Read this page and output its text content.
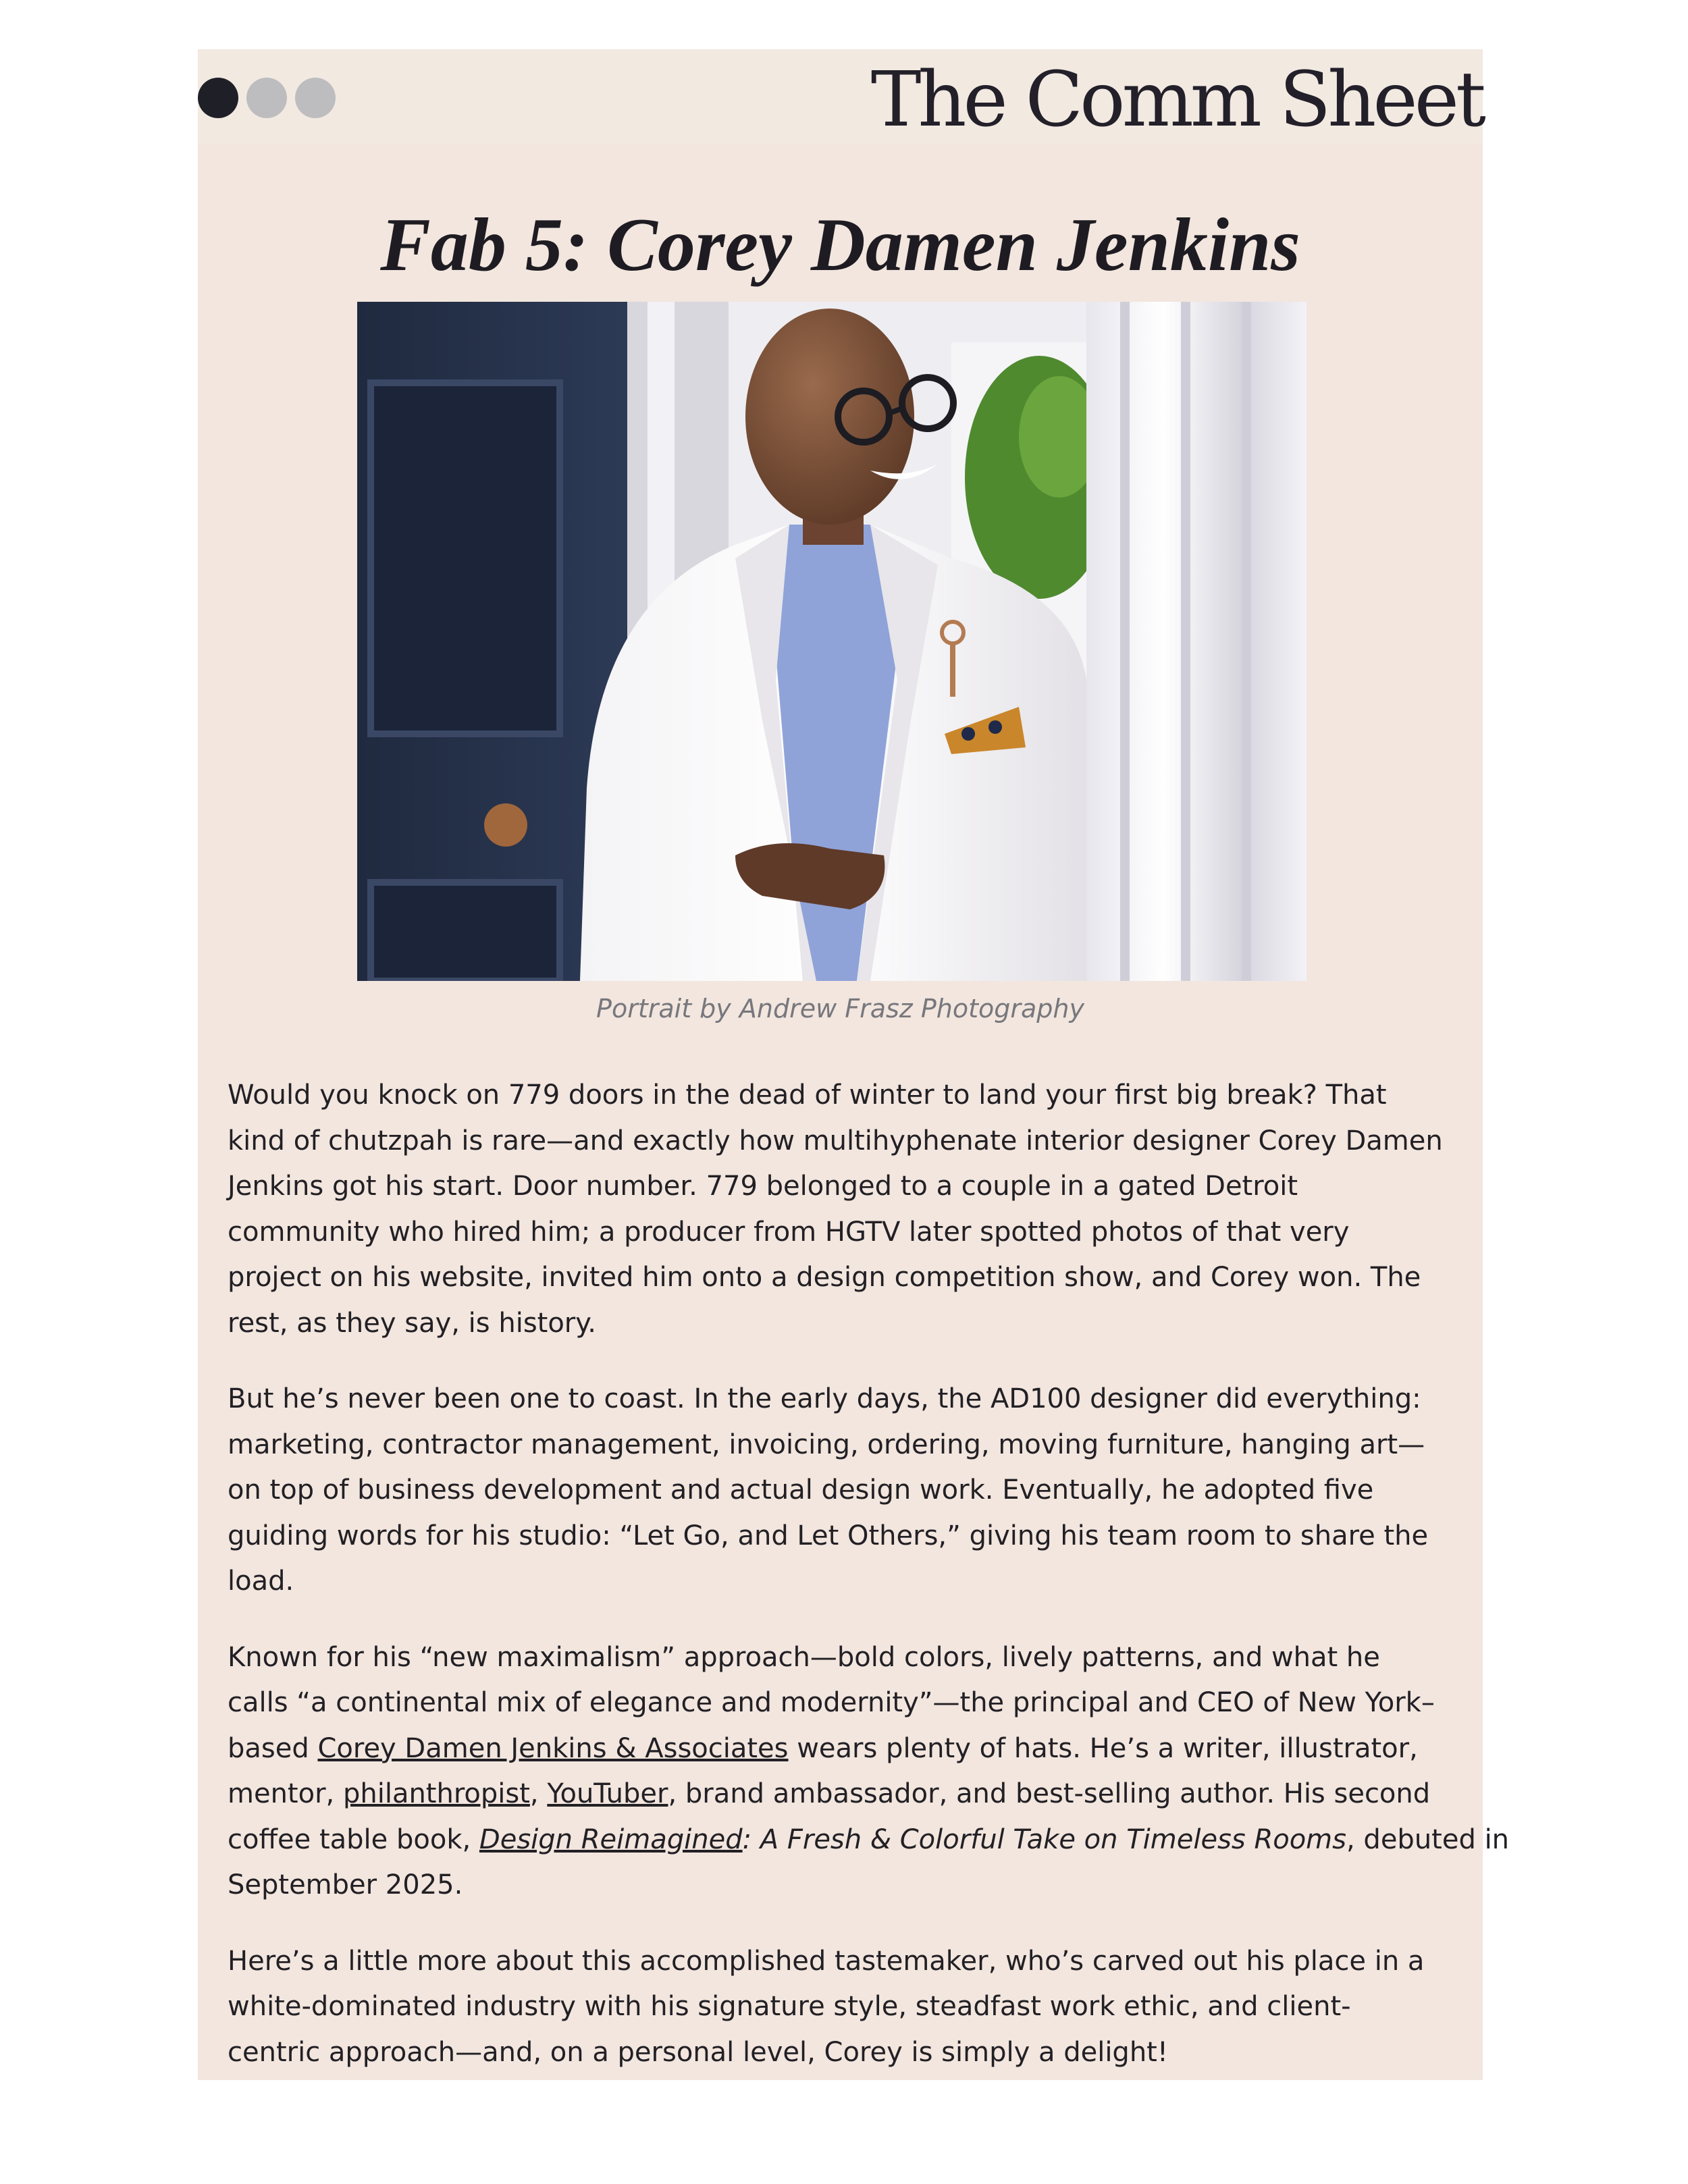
The Comm Sheet
Fab 5: Corey Damen Jenkins
Portrait by Andrew Frasz Photography

Would you knock on 779 doors in the dead of winter to land your first big break? That
kind of chutzpah is rare—and exactly how multihyphenate interior designer Corey Damen
Jenkins got his start. Door number. 779 belonged to a couple in a gated Detroit
community who hired him; a producer from HGTV later spotted photos of that very
project on his website, invited him onto a design competition show, and Corey won. The
rest, as they say, is history.

But he’s never been one to coast. In the early days, the AD100 designer did everything:
marketing, contractor management, invoicing, ordering, moving furniture, hanging art—
on top of business development and actual design work. Eventually, he adopted five
guiding words for his studio: “Let Go, and Let Others,” giving his team room to share the
load.

Known for his “new maximalism” approach—bold colors, lively patterns, and what he
calls “a continental mix of elegance and modernity”—the principal and CEO of New York–
based Corey Damen Jenkins & Associates wears plenty of hats. He’s a writer, illustrator,
mentor, philanthropist, YouTuber, brand ambassador, and best-selling author. His second
coffee table book, Design Reimagined: A Fresh & Colorful Take on Timeless Rooms, debuted in
September 2025.

Here’s a little more about this accomplished tastemaker, who’s carved out his place in a
white-dominated industry with his signature style, steadfast work ethic, and client-
centric approach—and, on a personal level, Corey is simply a delight!
